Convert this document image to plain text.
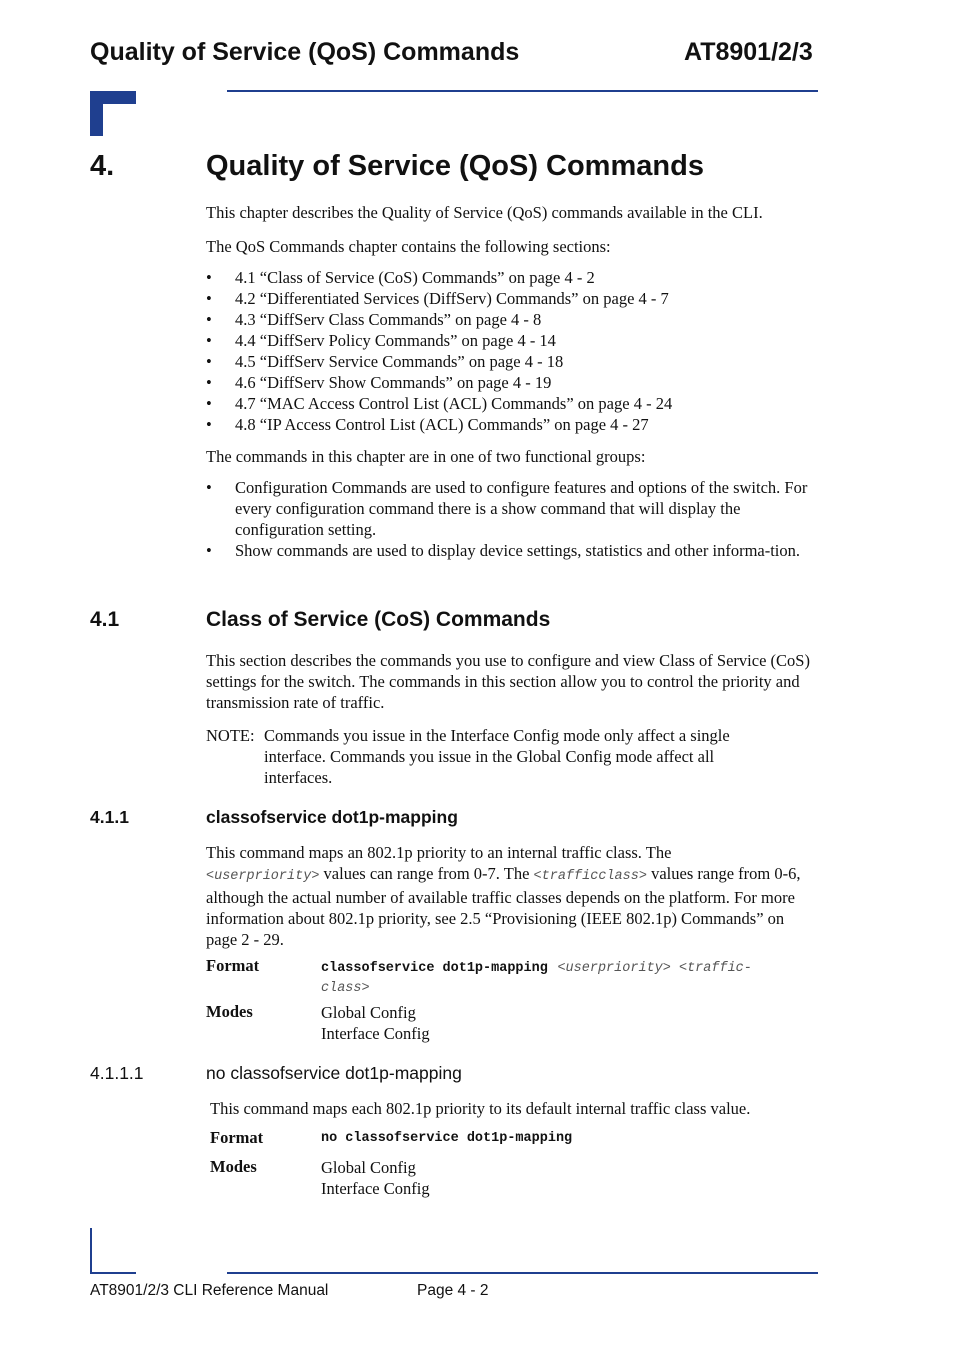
Quality of Service (QoS) Commands	AT8901/2/3
4.	Quality of Service (QoS) Commands
This chapter describes the Quality of Service (QoS) commands available in the CLI.
The QoS Commands chapter contains the following sections:
• 4.1 “Class of Service (CoS) Commands” on page 4 - 2
• 4.2 “Differentiated Services (DiffServ) Commands” on page 4 - 7
• 4.3 “DiffServ Class Commands” on page 4 - 8
• 4.4 “DiffServ Policy Commands” on page 4 - 14
• 4.5 “DiffServ Service Commands” on page 4 - 18
• 4.6 “DiffServ Show Commands” on page 4 - 19
• 4.7 “MAC Access Control List (ACL) Commands” on page 4 - 24
• 4.8 “IP Access Control List (ACL) Commands” on page 4 - 27
The commands in this chapter are in one of two functional groups:
• Configuration Commands are used to configure features and options of the switch. For every configuration command there is a show command that will display the configuration setting.
• Show commands are used to display device settings, statistics and other informa-tion.
4.1	Class of Service (CoS) Commands
This section describes the commands you use to configure and view Class of Service (CoS) settings for the switch. The commands in this section allow you to control the priority and transmission rate of traffic.
NOTE: Commands you issue in the Interface Config mode only affect a single
interface. Commands you issue in the Global Config mode affect all interfaces.
4.1.1	classofservice dot1p-mapping
This command maps an 802.1p priority to an internal traffic class. The
<userpriority> values can range from 0-7. The <trafficclass> values range from 0-6, although the actual number of available traffic classes depends on the platform. For more information about 802.1p priority, see 2.5 “Provisioning (IEEE 802.1p) Commands” on page 2 - 29.
Format	classofservice dot1p-mapping <userpriority> <traffic-
class>
Modes	Global Config
Interface Config
4.1.1.1	no classofservice dot1p-mapping
This command maps each 802.1p priority to its default internal traffic class value.
Format	no classofservice dot1p-mapping
Modes	Global Config
Interface Config
AT8901/2/3 CLI Reference Manual	Page 4 - 2
